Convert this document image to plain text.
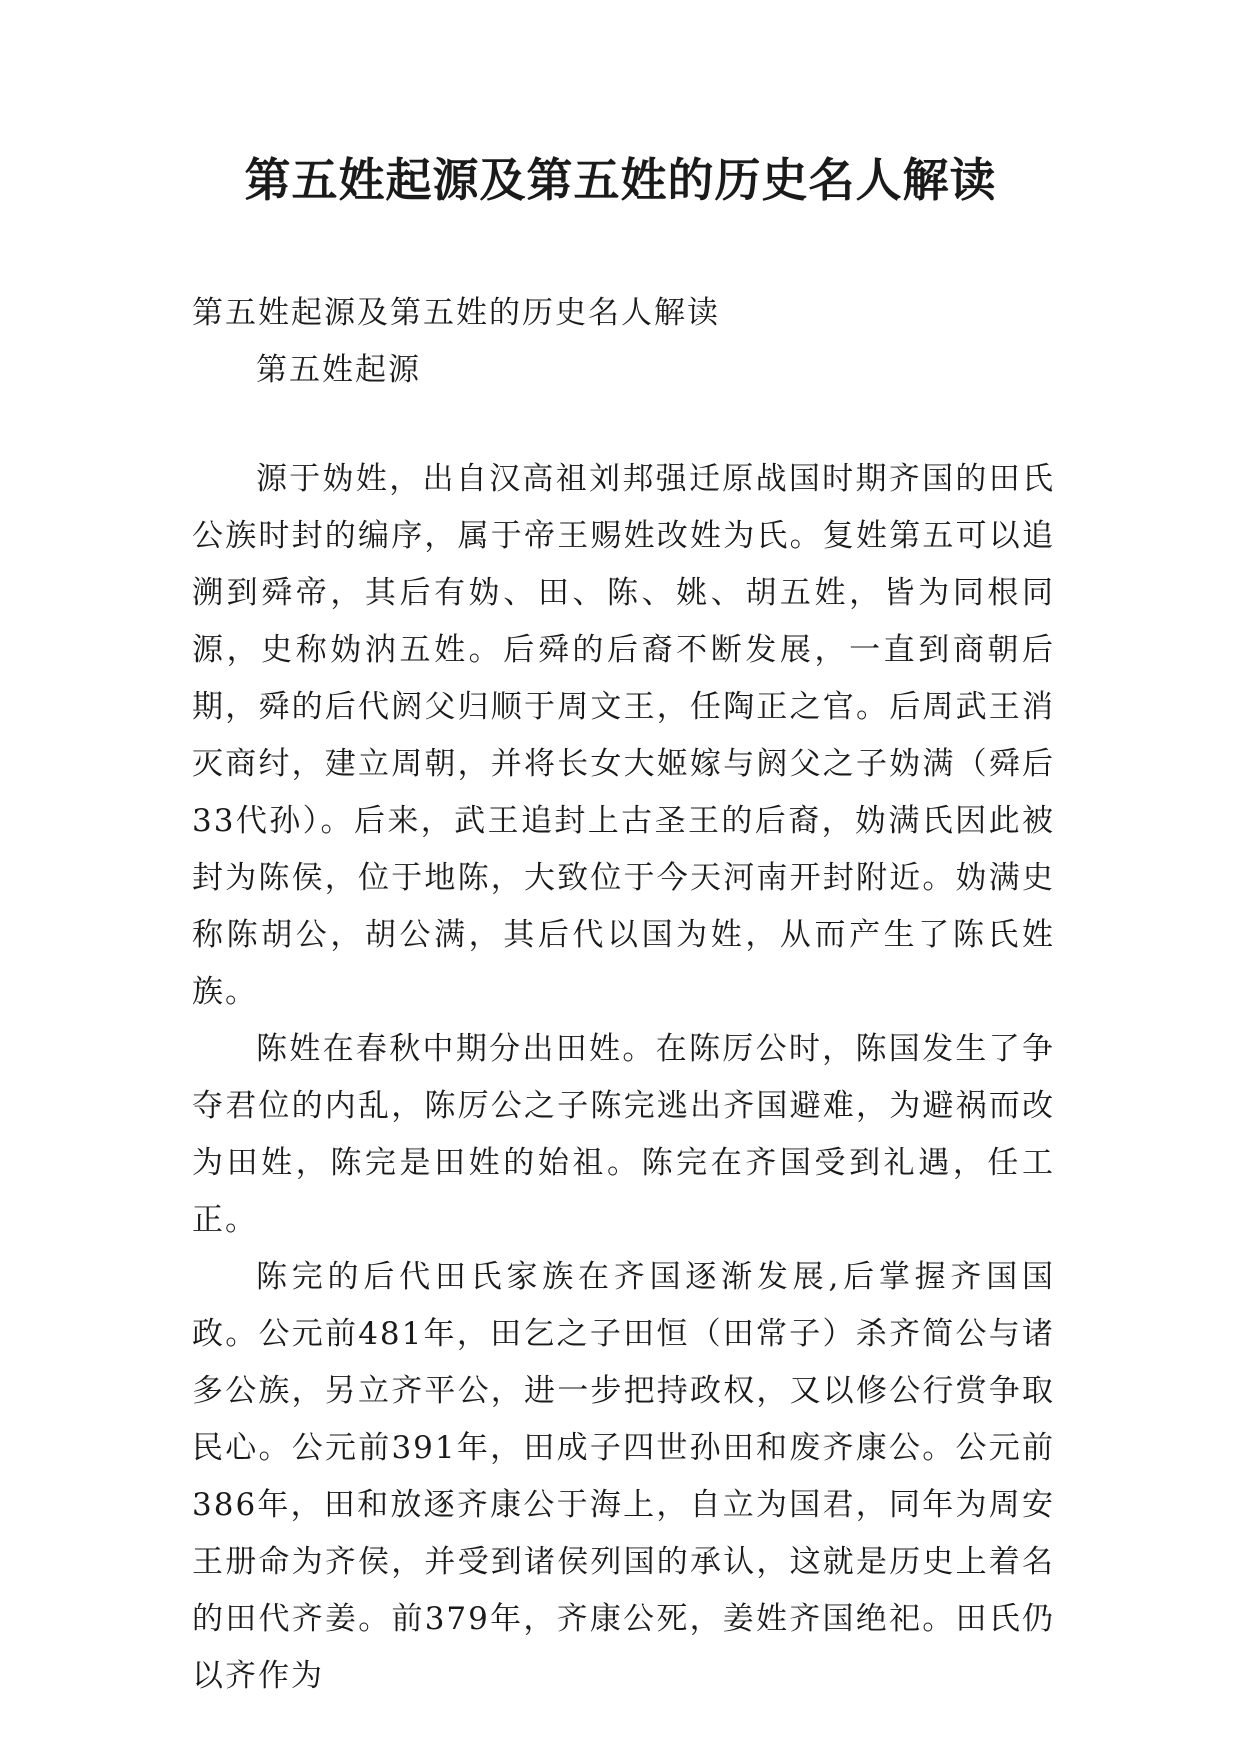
第五姓起源及第五姓的历史名人解读

第五姓起源及第五姓的历史名人解读

第五姓起源

源于妫姓，出自汉高祖刘邦强迁原战国时期齐国的田氏公族时封的编序，属于帝王赐姓改姓为氏。复姓第五可以追溯到舜帝，其后有妫、田、陈、姚、胡五姓，皆为同根同源，史称妫汭五姓。后舜的后裔不断发展，一直到商朝后期，舜的后代阏父归顺于周文王，任陶正之官。后周武王消灭商纣，建立周朝，并将长女大姬嫁与阏父之子妫满（舜后33代孙）。后来，武王追封上古圣王的后裔，妫满氏因此被封为陈侯，位于地陈，大致位于今天河南开封附近。妫满史称陈胡公，胡公满，其后代以国为姓，从而产生了陈氏姓族。

陈姓在春秋中期分出田姓。在陈厉公时，陈国发生了争夺君位的内乱，陈厉公之子陈完逃出齐国避难，为避祸而改为田姓，陈完是田姓的始祖。陈完在齐国受到礼遇，任工正。

陈完的后代田氏家族在齐国逐渐发展,后掌握齐国国政。公元前481年，田乞之子田恒（田常子）杀齐简公与诸多公族，另立齐平公，进一步把持政权，又以修公行赏争取民心。公元前391年，田成子四世孙田和废齐康公。公元前386年，田和放逐齐康公于海上，自立为国君，同年为周安王册命为齐侯，并受到诸侯列国的承认，这就是历史上着名的田代齐姜。前379年，齐康公死，姜姓齐国绝祀。田氏仍以齐作为
